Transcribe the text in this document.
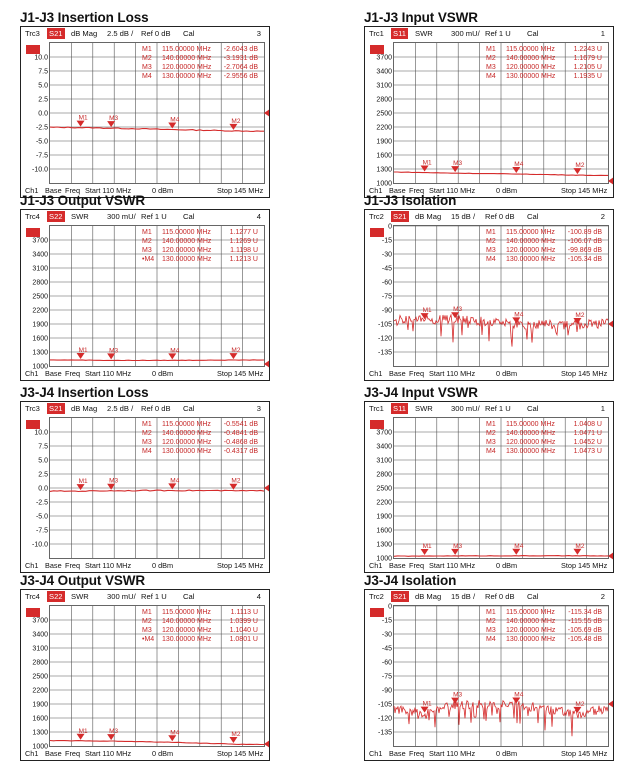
J1-J3 Insertion Loss
Trc3 S21 dB Mag 2.5 dB / Ref 0 dB Cal	3
10.0
7.5
5.0
2.5
0.0
-2.5
-5.0
-7.5
-10.0
M1	M2
M3	M4
M1 115.00000 MHz -2.6043 dB
M2 140.00000 MHz -3.1931 dB
M3 120.00000 MHz -2.7064 dB
M4 130.00000 MHz -2.9556 dB
Ch1 Base Freq Start 110 MHz	0 dBm	Stop 145 MHz
J1-J3 Input VSWR
Trc1 S11 SWR 300 mU/ Ref 1 U Cal	1
3700
3400
3100
2800
2500
2200
1900
1600
1300
1000
M1	M2
M3	M4
M1 115.00000 MHz	1.2243 U
M2 140.00000 MHz	1.1679 U
M3 120.00000 MHz	1.2105 U
M4 130.00000 MHz	1.1935 U
Ch1 Base Freq Start 110 MHz	0 dBm	Stop 145 MHz
J1-J3 Output VSWR
Trc4 S22 SWR 300 mU/ Ref 1 U Cal	4
3700
3400
3100
2800
2500
2200
1900
1600
1300
1000
M1	M2
M3	M4
M1 115.00000 MHz	1.1277 U
M2 140.00000 MHz	1.1269 U
M3 120.00000 MHz	1.1198 U
•M4 130.00000 MHz	1.1213 U
Ch1 Base Freq Start 110 MHz	0 dBm	Stop 145 MHz
J1-J3 Isolation
Trc2 S21 dB Mag 15 dB / Ref 0 dB Cal	2
0
-15
-30
-45
-60
-75
-90
-105
-120
-135
M1
M2
M3
M4
M1 115.00000 MHz -100.89 dB
M2 140.00000 MHz -106.07 dB
M3 120.00000 MHz -99.869 dB
M4 130.00000 MHz -105.34 dB
Ch1 Base Freq Start 110 MHz	0 dBm	Stop 145 MHz
J3-J4 Insertion Loss
Trc3 S21 dB Mag 2.5 dB / Ref 0 dB Cal	3
10.0
7.5
5.0
2.5
0.0
-2.5
-5.0
-7.5
-10.0
M1	M2
M3	M4
M1 115.00000 MHz -0.5541 dB
M2 140.00000 MHz -0.4841 dB
M3 120.00000 MHz -0.4868 dB
M4 130.00000 MHz -0.4317 dB
Ch1 Base Freq Start 110 MHz	0 dBm	Stop 145 MHz
J3-J4 Input VSWR
Trc1 S11 SWR 300 mU/ Ref 1 U Cal	1
3700
3400
3100
2800
2500
2200
1900
1600
1300
1000
M1	M2
M3	M4
M1 115.00000 MHz	1.0408 U
M2 140.00000 MHz	1.0471 U
M3 120.00000 MHz	1.0452 U
M4 130.00000 MHz	1.0473 U
Ch1 Base Freq Start 110 MHz	0 dBm	Stop 145 MHz
J3-J4 Output VSWR
Trc4 S22 SWR 300 mU/ Ref 1 U Cal	4
3700
3400
3100
2800
2500
2200
1900
1600
1300
1000
M1	M2
M3	M4
M1 115.00000 MHz	1.1113 U
M2 140.00000 MHz	1.0399 U
M3 120.00000 MHz	1.1040 U
•M4 130.00000 MHz	1.0801 U
Ch1 Base Freq Start 110 MHz	0 dBm	Stop 145 MHz
J3-J4 Isolation
Trc2 S21 dB Mag 15 dB / Ref 0 dB Cal	2
0
-15
-30
-45
-60
-75
-90
-105
-120
-135
M1	M2
M3	M4
M1 115.00000 MHz -115.34 dB
M2 140.00000 MHz -115.55 dB
M3 120.00000 MHz -105.69 dB
M4 130.00000 MHz -105.48 dB
Ch1 Base Freq Start 110 MHz	0 dBm	Stop 145 MHz
